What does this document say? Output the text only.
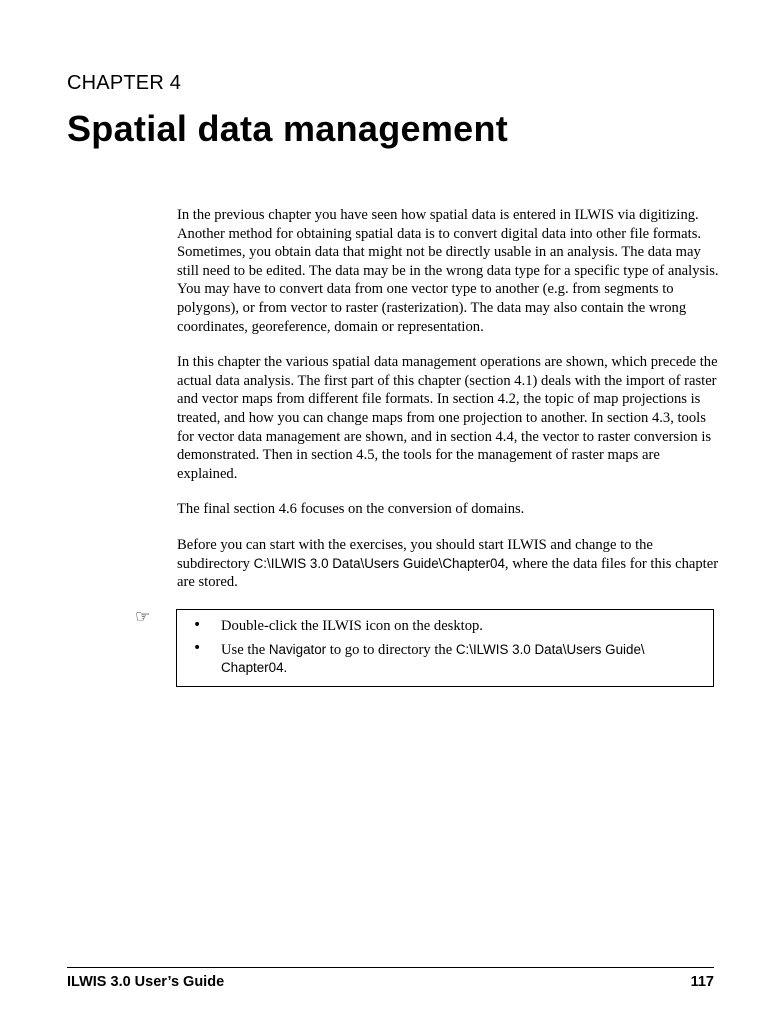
CHAPTER 4
Spatial data management

In the previous chapter you have seen how spatial data is entered in ILWIS via digitizing. Another method for obtaining spatial data is to convert digital data into other file formats. Sometimes, you obtain data that might not be directly usable in an analysis. The data may still need to be edited. The data may be in the wrong data type for a specific type of analysis. You may have to convert data from one vector type to another (e.g. from segments to polygons), or from vector to raster (rasterization). The data may also contain the wrong coordinates, georeference, domain or representation.

In this chapter the various spatial data management operations are shown, which precede the actual data analysis. The first part of this chapter (section 4.1) deals with the import of raster and vector maps from different file formats. In section 4.2, the topic of map projections is treated, and how you can change maps from one projection to another. In section 4.3, tools for vector data management are shown, and in section 4.4, the vector to raster conversion is demonstrated. Then in section 4.5, the tools for the management of raster maps are explained.

The final section 4.6 focuses on the conversion of domains.

Before you can start with the exercises, you should start ILWIS and change to the subdirectory C:\ILWIS 3.0 Data\Users Guide\Chapter04, where the data files for this chapter are stored.

☞	• Double-click the ILWIS icon on the desktop.
• Use the Navigator to go to directory the C:\ILWIS 3.0 Data\Users Guide\ Chapter04.
ILWIS 3.0 User’s Guide	117
